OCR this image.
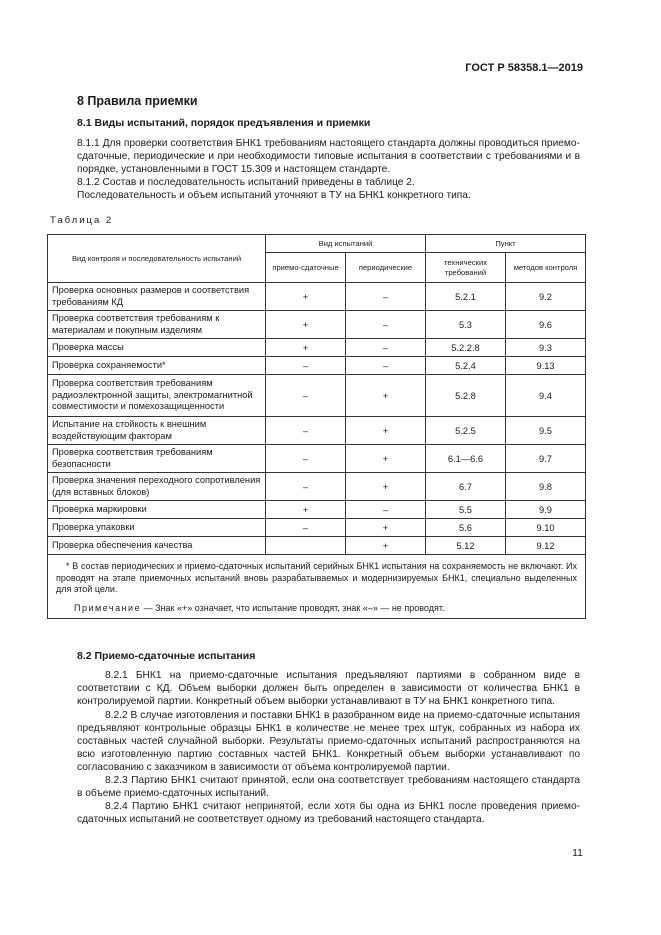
ГОСТ Р 58358.1—2019
8 Правила приемки
8.1 Виды испытаний, порядок предъявления и приемки
8.1.1 Для проверки соответствия БНК1 требованиям настоящего стандарта должны проводиться приемо-сдаточные, периодические и при необходимости типовые испытания в соответствии с требованиями и в порядке, установленными в ГОСТ 15.309 и настоящем стандарте.
8.1.2 Состав и последовательность испытаний приведены в таблице 2.
Последовательность и объем испытаний уточняют в ТУ на БНК1 конкретного типа.
Таблица 2
Вид контроля и последовательность испытаний	Вид испытаний		Пункт	
	приемо-сдаточные	периодические	технических требований	методов контроля
Проверка основных размеров и соответствия требованиям КД	+	–	5.2.1	9.2
Проверка соответствия требованиям к материалам и покупным изделиям	+	–	5.3	9.6
Проверка массы	+	–	5.2.2.8	9.3
Проверка сохраняемости*	–	–	5.2.4	9.13
Проверка соответствия требованиям радиоэлектронной защиты, электромагнитной совместимости и помехозащищенности	–	+	5.2.8	9.4
Испытание на стойкость к внешним воздействующим факторам	–	+	5.2.5	9.5
Проверка соответствия требованиям безопасности	–	+	6.1—6.6	9.7
Проверка значения переходного сопротивления (для вставных блоков)	–	+	6.7	9.8
Проверка маркировки	+	–	5.5	9.9
Проверка упаковки	–	+	5.6	9.10
Проверка обеспечения качества		+	5.12	9.12

* В состав периодических и приемо-сдаточных испытаний серийных БНК1 испытания на сохраняемость не включают. Их проводят на этапе приемочных испытаний вновь разрабатываемых и модернизируемых БНК1, специально выделенных для этой цели.
Примечание — Знак «+» означает, что испытание проводят, знак «–» — не проводят.				
8.2 Приемо-сдаточные испытания
8.2.1 БНК1 на приемо-сдаточные испытания предъявляют партиями в собранном виде в соответствии с КД. Объем выборки должен быть определен в зависимости от количества БНК1 в контролируемой партии. Конкретный объем выборки устанавливают в ТУ на БНК1 конкретного типа.
8.2.2 В случае изготовления и поставки БНК1 в разобранном виде на приемо-сдаточные испытания предъявляют контрольные образцы БНК1 в количестве не менее трех штук, собранных из набора их составных частей случайной выборки. Результаты приемо-сдаточных испытаний распространяются на всю изготовленную партию составных частей БНК1. Конкретный объем выборки устанавливают по согласованию с заказчиком в зависимости от объема контролируемой партии.
8.2.3 Партию БНК1 считают принятой, если она соответствует требованиям настоящего стандарта в объеме приемо-сдаточных испытаний.
8.2.4 Партию БНК1 считают непринятой, если хотя бы одна из БНК1 после проведения приемо-сдаточных испытаний не соответствует одному из требований настоящего стандарта.
11
